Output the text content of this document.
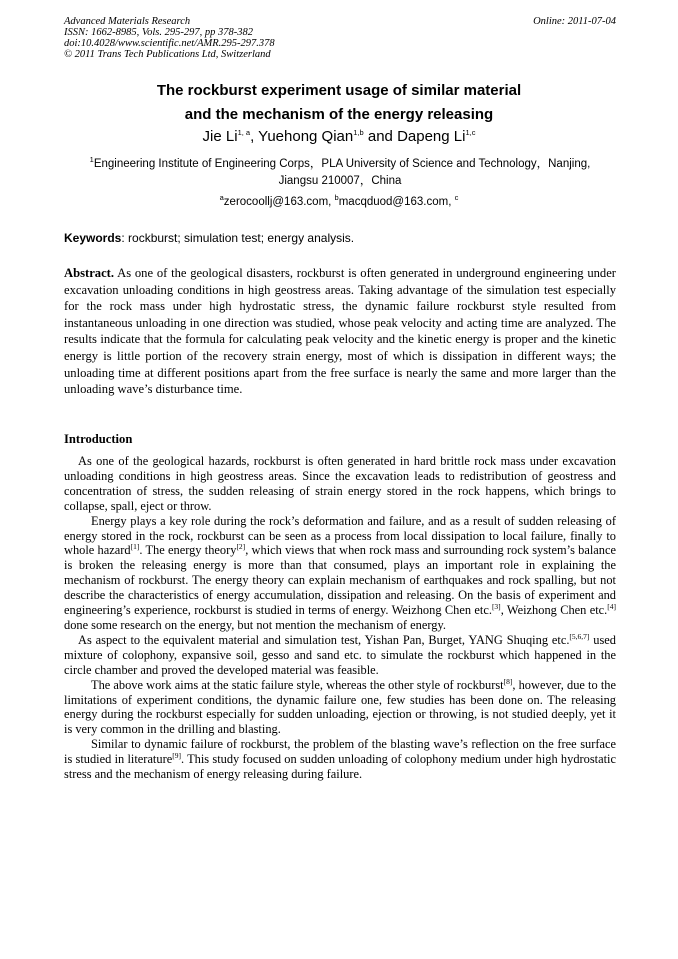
Advanced Materials Research
ISSN: 1662-8985, Vols. 295-297, pp 378-382
doi:10.4028/www.scientific.net/AMR.295-297.378
© 2011 Trans Tech Publications Ltd, Switzerland
Online: 2011-07-04
The rockburst experiment usage of similar material
and the mechanism of the energy releasing
Jie Li$^{1, a}$, Yuehong Qian$^{1,b}$ and Dapeng Li$^{1,c}$
$^1$Engineering Institute of Engineering Corps，PLA University of Science and Technology，Nanjing,
Jiangsu 210007，China
$^a$zerocoollj@163.com, $^b$macqduod@163.com, $^c$
Keywords: rockburst; simulation test; energy analysis.
Abstract. As one of the geological disasters, rockburst is often generated in underground engineering under excavation unloading conditions in high geostress areas. Taking advantage of the simulation test especially for the rock mass under high hydrostatic stress, the dynamic failure rockburst style resulted from instantaneous unloading in one direction was studied, whose peak velocity and acting time are analyzed. The results indicate that the formula for calculating peak velocity and the kinetic energy is proper and the kinetic energy is little portion of the recovery strain energy, most of which is dissipation in different ways; the unloading time at different positions apart from the free surface is nearly the same and more larger than the unloading wave’s disturbance time.
Introduction

As one of the geological hazards, rockburst is often generated in hard brittle rock mass under excavation unloading conditions in high geostress areas. Since the excavation leads to redistribution of geostress and concentration of stress, the sudden releasing of strain energy stored in the rock happens, which brings to collapse, spall, eject or throw.

Energy plays a key role during the rock’s deformation and failure, and as a result of sudden releasing of energy stored in the rock, rockburst can be seen as a process from local dissipation to local failure, finally to whole hazard[1]. The energy theory[2], which views that when rock mass and surrounding rock system’s balance is broken the releasing energy is more than that consumed, plays an important role in explaining the mechanism of rockburst. The energy theory can explain mechanism of earthquakes and rock spalling, but not describe the characteristics of energy accumulation, dissipation and releasing. On the basis of experiment and engineering’s experience, rockburst is studied in terms of energy. Weizhong Chen etc.[3], Weizhong Chen etc.[4] done some research on the energy, but not mention the mechanism of energy.

As aspect to the equivalent material and simulation test, Yishan Pan, Burget, YANG Shuqing etc.[5,6,7] used mixture of colophony, expansive soil, gesso and sand etc. to simulate the rockburst which happened in the circle chamber and proved the developed material was feasible.

The above work aims at the static failure style, whereas the other style of rockburst[8], however, due to the limitations of experiment conditions, the dynamic failure one, few studies has been done on. The releasing energy during the rockburst especially for sudden unloading, ejection or throwing, is not studied deeply, yet it is very common in the drilling and blasting.

Similar to dynamic failure of rockburst, the problem of the blasting wave’s reflection on the free surface is studied in literature[9]. This study focused on sudden unloading of colophony medium under high hydrostatic stress and the mechanism of energy releasing during failure.
